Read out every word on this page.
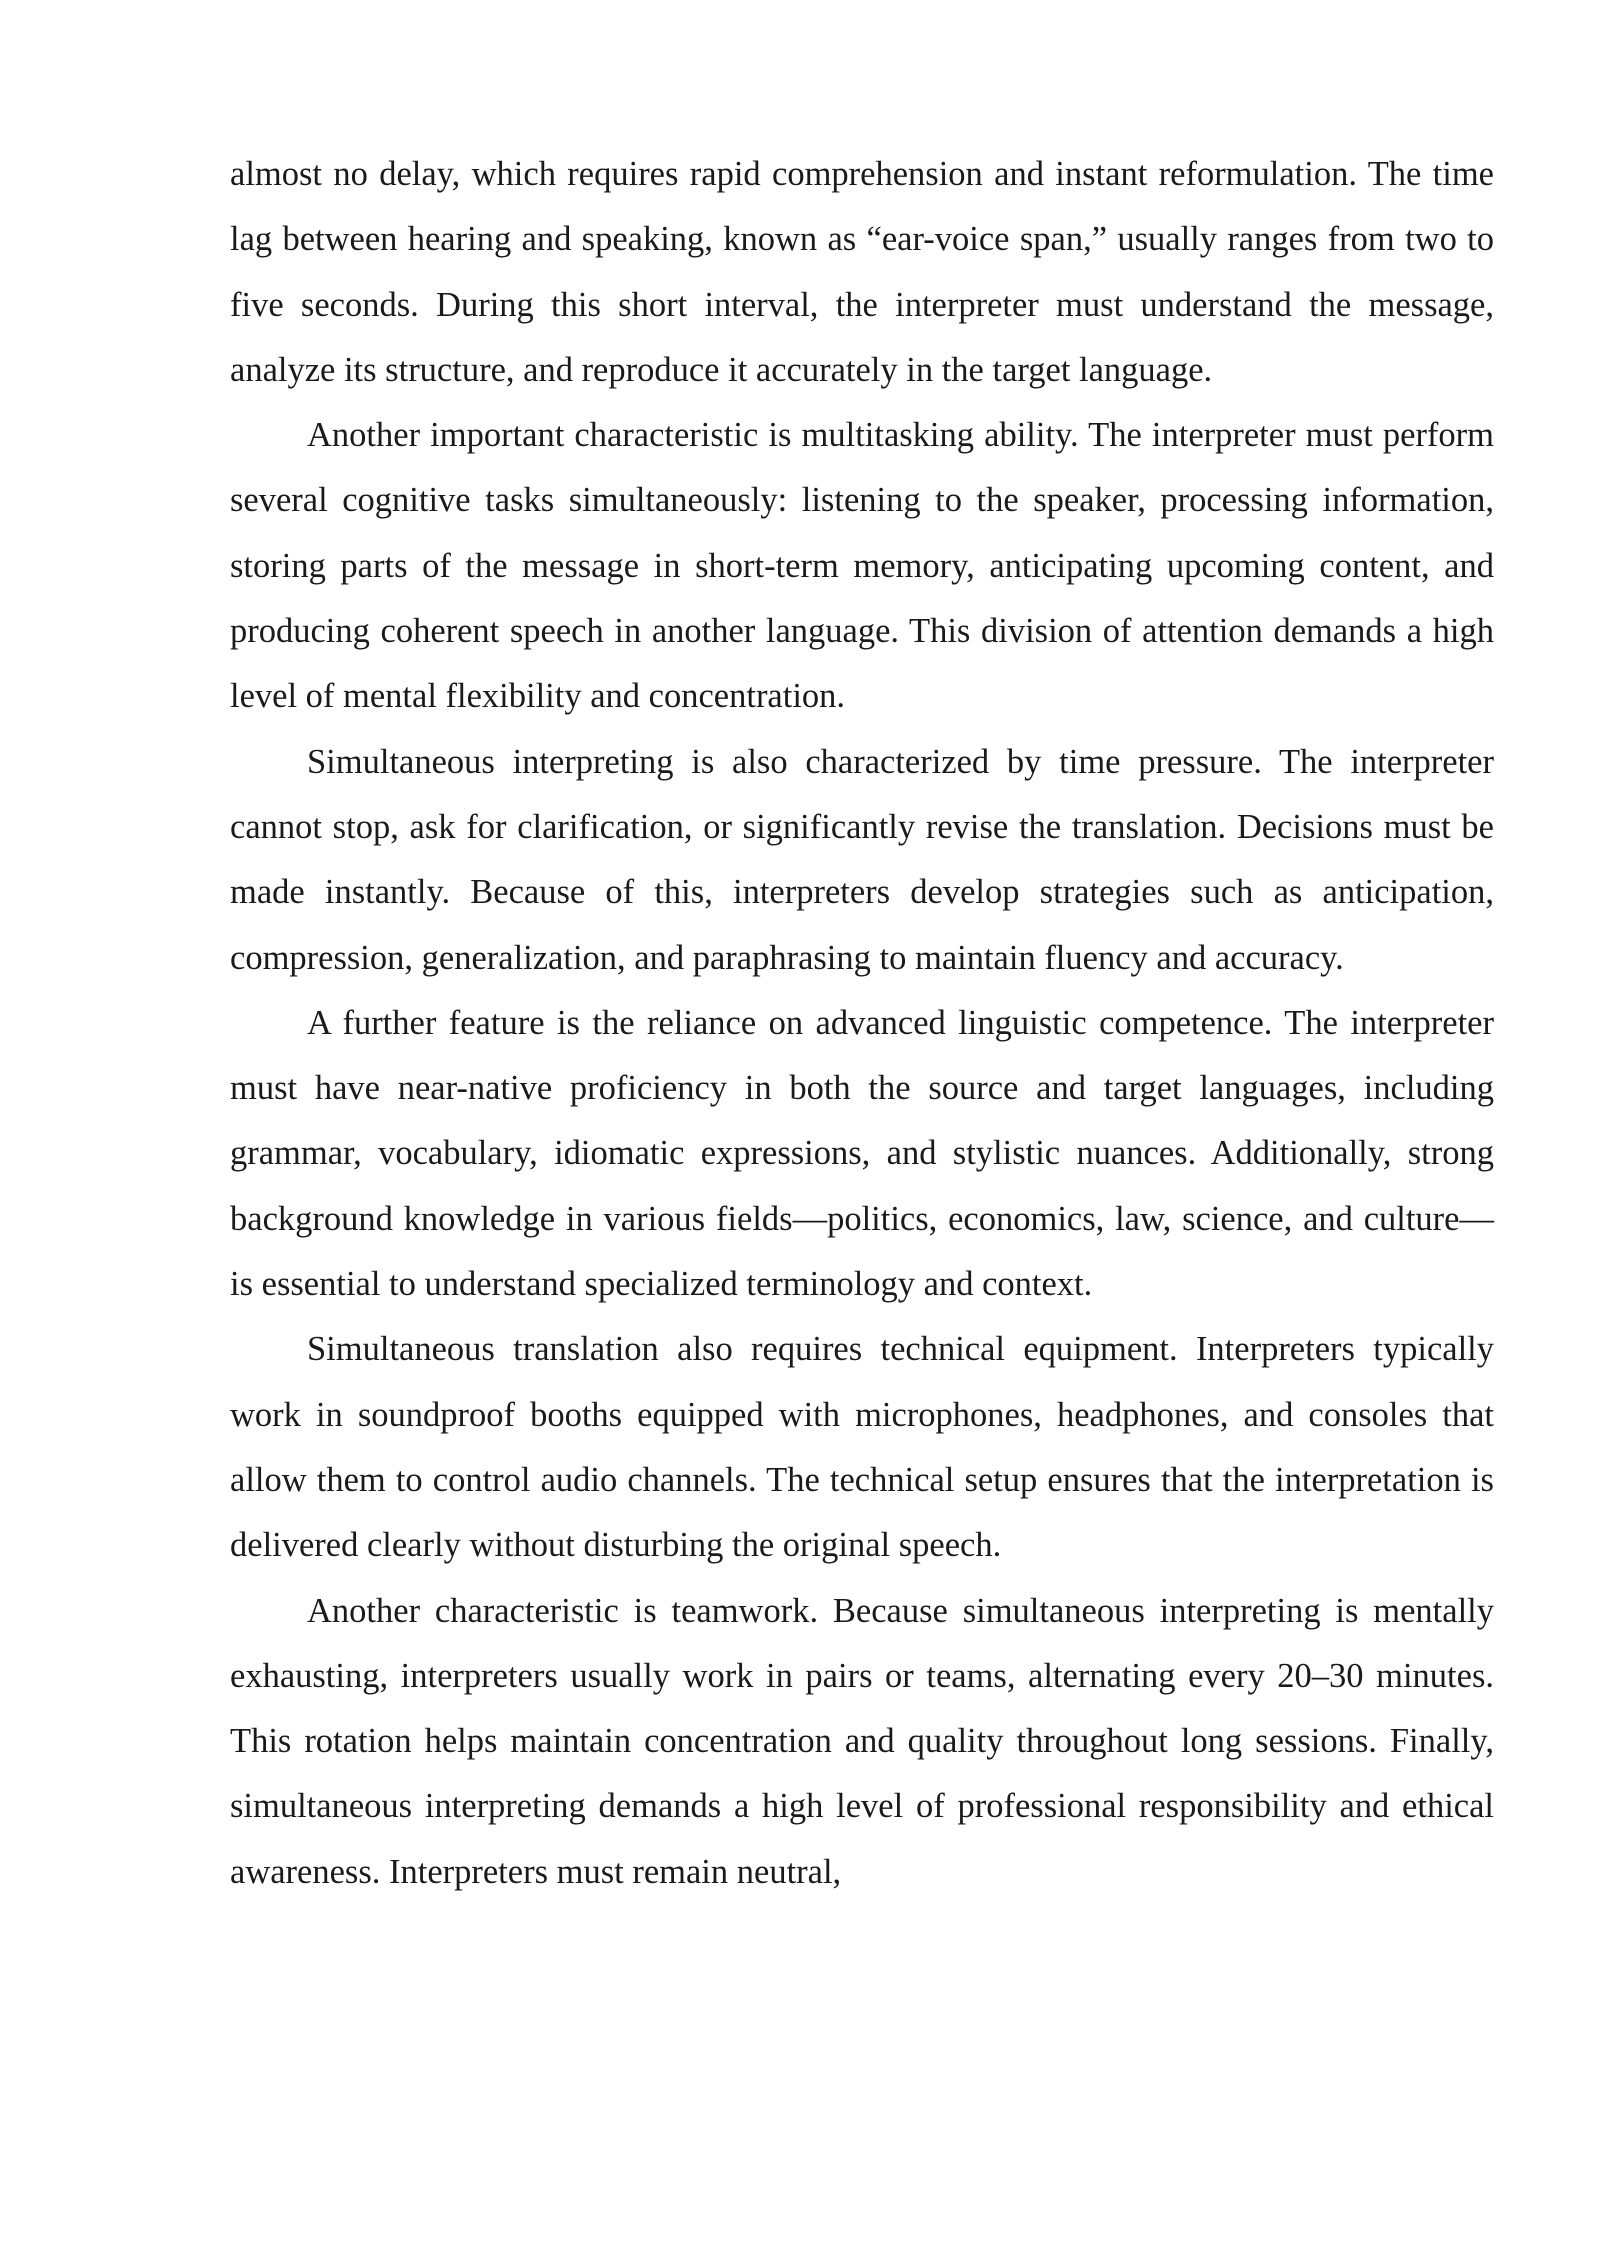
almost no delay, which requires rapid comprehension and instant reformulation. The time lag between hearing and speaking, known as “ear-voice span,” usually ranges from two to five seconds. During this short interval, the interpreter must understand the message, analyze its structure, and reproduce it accurately in the target language.

Another important characteristic is multitasking ability. The interpreter must perform several cognitive tasks simultaneously: listening to the speaker, processing information, storing parts of the message in short-term memory, anticipating upcoming content, and producing coherent speech in another language. This division of attention demands a high level of mental flexibility and concentration.

Simultaneous interpreting is also characterized by time pressure. The interpreter cannot stop, ask for clarification, or significantly revise the translation. Decisions must be made instantly. Because of this, interpreters develop strategies such as anticipation, compression, generalization, and paraphrasing to maintain fluency and accuracy.

A further feature is the reliance on advanced linguistic competence. The interpreter must have near-native proficiency in both the source and target languages, including grammar, vocabulary, idiomatic expressions, and stylistic nuances. Additionally, strong background knowledge in various fields—politics, economics, law, science, and culture—is essential to understand specialized terminology and context.

Simultaneous translation also requires technical equipment. Interpreters typically work in soundproof booths equipped with microphones, headphones, and consoles that allow them to control audio channels. The technical setup ensures that the interpretation is delivered clearly without disturbing the original speech.

Another characteristic is teamwork. Because simultaneous interpreting is mentally exhausting, interpreters usually work in pairs or teams, alternating every 20–30 minutes. This rotation helps maintain concentration and quality throughout long sessions. Finally, simultaneous interpreting demands a high level of professional responsibility and ethical awareness. Interpreters must remain neutral,
